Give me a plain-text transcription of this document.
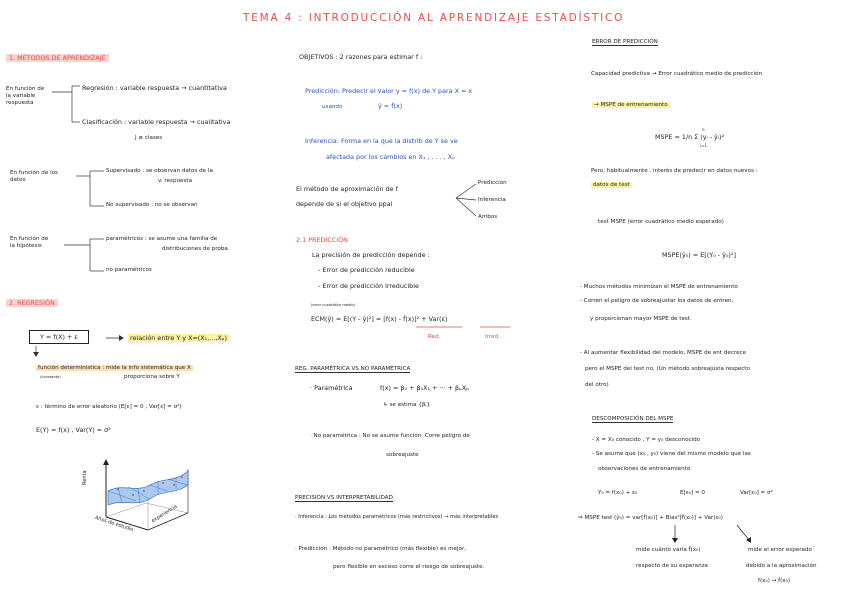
TEMA 4 : INTRODUCCIÓN AL APRENDIZAJE ESTADÍSTICO
1. MÉTODOS DE APRENDIZAJE
En función de
la variable
respuesta
Regresión : variable respuesta → cuantitativa
Clasificación : variable respuesta → cualitativa
J ≡ clases
En función de los
datos
Supervisado : se observan datos de la
v. respuesta
No supervisado : no se observan
En función de
la hipótesis
paramétricos : se asume una familia de
distribuciones de proba.
no paramétricos
2. REGRESIÓN
Y = f(X) + ε	relación entre Y y X=(X₁,...,Xₚ)
función determinística : mide la info sistemática que X
(constante)	proporciona sobre Y
ε : término de error aleatorio (E[ε] = 0 , Var[ε] = σ²)
E(Y) = f(x) , Var(Y) = σ²
Renta
Años de estudio	experiencia
OBJETIVOS : 2 razones para estimar f :
Predicción: Predecir el valor y = f(x) de Y para X = x
usando	ŷ = f̂(x)
Inferencia: Forma en la que la distrib de Y se ve
afectada por los cambios en X₁ , . . . , Xₚ
El método de aproximación de f
depende de si el objetivo ppal
Predicción
Inferencia
Ambos
2.1 PREDICCIÓN
La precisión de predicción depende :
- Error de predicción reducible
- Error de predicción irreducible
(error cuadrático medio)
ECM(ŷ) = E[(Y - ŷ)²] = [f(x) - f̂(x)]² + Var(ε)
Red.	Irred.
REG. PARAMÉTRICA VS NO PARAMÉTRICA
· Paramétrica	f(x) = β₀ + β₁X₁ + ··· + βₚXₚ
↳ se estima {βⱼ}
· No paramétrica : No se asume función. Corre peligro de
sobreajuste
PRECISIÓN VS INTERPRETABILIDAD
· Inferencia : Los métodos paramétricos (más restrictivos) → más interpretables
· Predicción : Método no paramétrico (más flexible) es mejor,
pero flexible en exceso corre el riesgo de sobreajuste.
ERROR DE PREDICCIÓN
Capacidad predictiva → Error cuadrático medio de predicción
→ MSPE de entrenamiento
MSPE = 1/n Σ (yᵢ - ŷᵢ)²
n
i=1
Pero, habitualmente , interés de predecir en datos nuevos :
datos de test
test MSPE (error cuadrático medio esperado)
MSPE(ŷ₀) = E[(Y₀ - ŷ₀)²]
- Muchos métodos minimizan el MSPE de entrenamiento
- Corren el peligro de sobreajustar los datos de entren.
y proporcionan mayor MSPE de test.
- Al aumentar flexibilidad del modelo, MSPE de ent decrece
pero el MSPE del test no. (Un método sobreajusta respecto
del otro)
DESCOMPOSICIÓN DEL MSPE
- X = X₀ conocido , Y = y₀ desconocido
- Se asume que (x₀ , y₀) viene del mismo modelo que las
observaciones de entrenamiento
Y₀ = f(x₀) + ε₀	E[ε₀] = 0	Var[ε₀] = σ²
⇒ MSPE test (ŷ₀) = var[f̂(x₀)] + Bias²[f̂(x₀)] + Var(ε₀)
mide cuánto varía f̂(x₀)
respecto de su esperanza
mide el error esperado
debido a la aproximación
f(x₀) → f̂(x₀)
